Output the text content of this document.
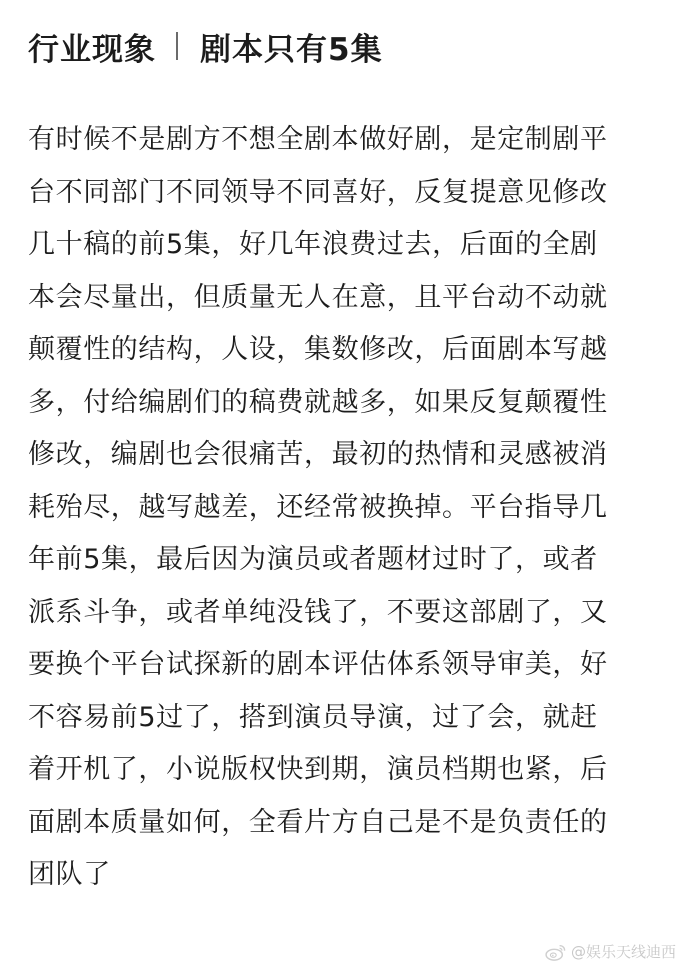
行业现象 剧本只有5集
有时候不是剧方不想全剧本做好剧，是定制剧平
台不同部门不同领导不同喜好，反复提意见修改
几十稿的前5集，好几年浪费过去，后面的全剧
本会尽量出，但质量无人在意，且平台动不动就
颠覆性的结构，人设，集数修改，后面剧本写越
多，付给编剧们的稿费就越多，如果反复颠覆性
修改，编剧也会很痛苦，最初的热情和灵感被消
耗殆尽，越写越差，还经常被换掉。平台指导几
年前5集，最后因为演员或者题材过时了，或者
派系斗争，或者单纯没钱了，不要这部剧了，又
要换个平台试探新的剧本评估体系领导审美，好
不容易前5过了，搭到演员导演，过了会，就赶
着开机了，小说版权快到期，演员档期也紧，后
面剧本质量如何，全看片方自己是不是负责任的
团队了
@娱乐天线迪西
